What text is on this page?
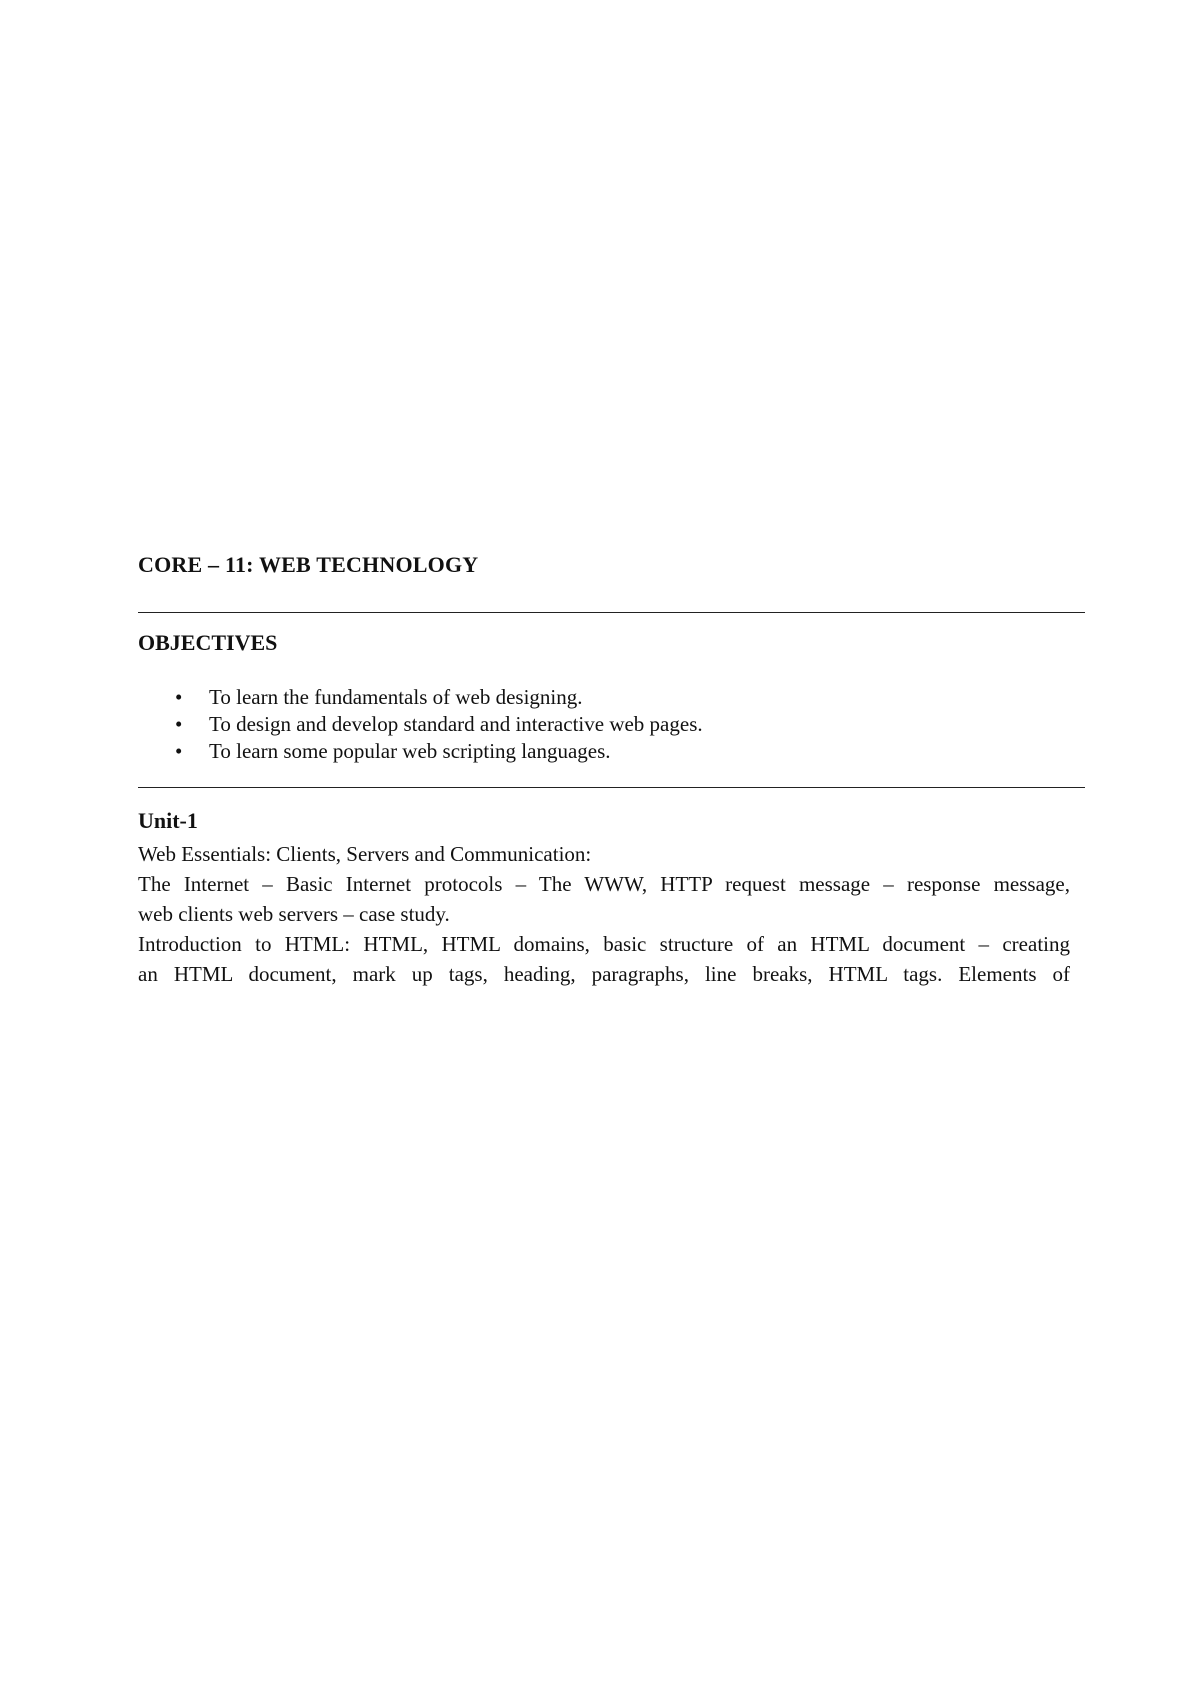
CORE – 11: WEB TECHNOLOGY
OBJECTIVES
• To learn the fundamentals of web designing.
• To design and develop standard and interactive web pages.
• To learn some popular web scripting languages.
Unit-1

Web Essentials: Clients, Servers and Communication:

The Internet – Basic Internet protocols – The WWW, HTTP request message – response message,

web clients web servers – case study.

Introduction to HTML: HTML, HTML domains, basic structure of an HTML document – creating

an HTML document, mark up tags, heading, paragraphs, line breaks, HTML tags. Elements of
